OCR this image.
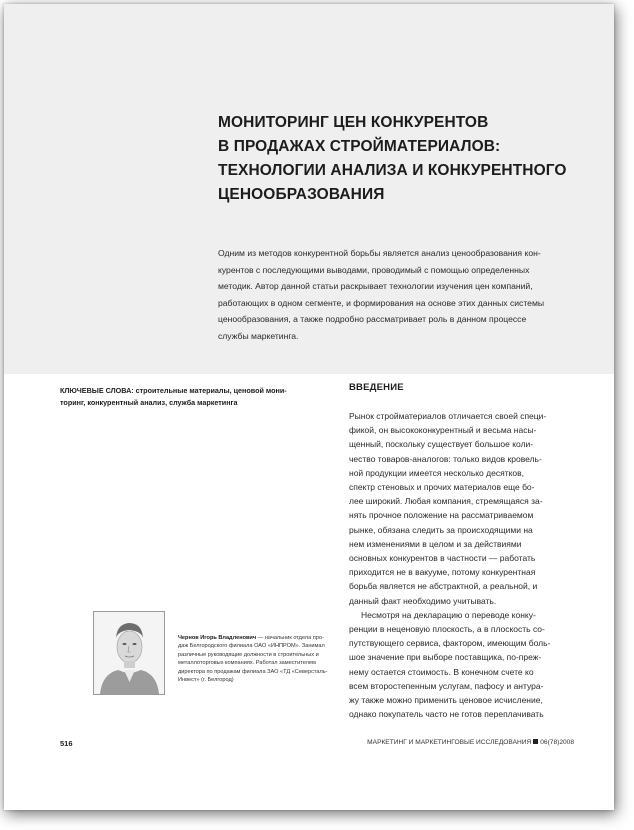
МОНИТОРИНГ ЦЕН КОНКУРЕНТОВ
В ПРОДАЖАХ СТРОЙМАТЕРИАЛОВ:
ТЕХНОЛОГИИ АНАЛИЗА И КОНКУРЕНТНОГО
ЦЕНООБРАЗОВАНИЯ
Одним из методов конкурентной борьбы является анализ ценообразования кон-
курентов с последующими выводами, проводимый с помощью определенных
методик. Автор данной статьи раскрывает технологии изучения цен компаний,
работающих в одном сегменте, и формирования на основе этих данных системы
ценообразования, а также подробно рассматривает роль в данном процессе
службы маркетинга.
КЛЮЧЕВЫЕ СЛОВА: строительные материалы, ценовой мони-
торинг, конкурентный анализ, служба маркетинга
ВВЕДЕНИЕ
Рынок стройматериалов отличается своей специ-
фикой, он высококонкурентный и весьма насы-
щенный, поскольку существует большое коли-
чество товаров-аналогов: только видов кровель-
ной продукции имеется несколько десятков,
спектр стеновых и прочих материалов еще бо-
лее широкий. Любая компания, стремящаяся за-
нять прочное положение на рассматриваемом
рынке, обязана следить за происходящими на
нем изменениями в целом и за действиями
основных конкурентов в частности — работать
приходится не в вакууме, потому конкурентная
борьба является не абстрактной, а реальной, и
данный факт необходимо учитывать.
Несмотря на декларацию о переводе конку-
ренции в неценовую плоскость, а в плоскость со-
путствующего сервиса, фактором, имеющим боль-
шое значение при выборе поставщика, по-преж-
нему остается стоимость. В конечном счете ко
всем второстепенным услугам, пафосу и антура-
жу также можно применить ценовое исчисление,
однако покупатель часто не готов переплачивать
Чернов Игорь Владленович — начальник отдела про-
даж Белгородского филиала ОАО «ИНПРОМ». Занимал
различные руководящие должности в строительных и
металлоторговых компаниях. Работал заместителем
директора по продажам филиала ЗАО «ТД «Северсталь-
Инвест» (г. Белгород)
516	МАРКЕТИНГ И МАРКЕТИНГОВЫЕ ИССЛЕДОВАНИЯ 06(78)2008
